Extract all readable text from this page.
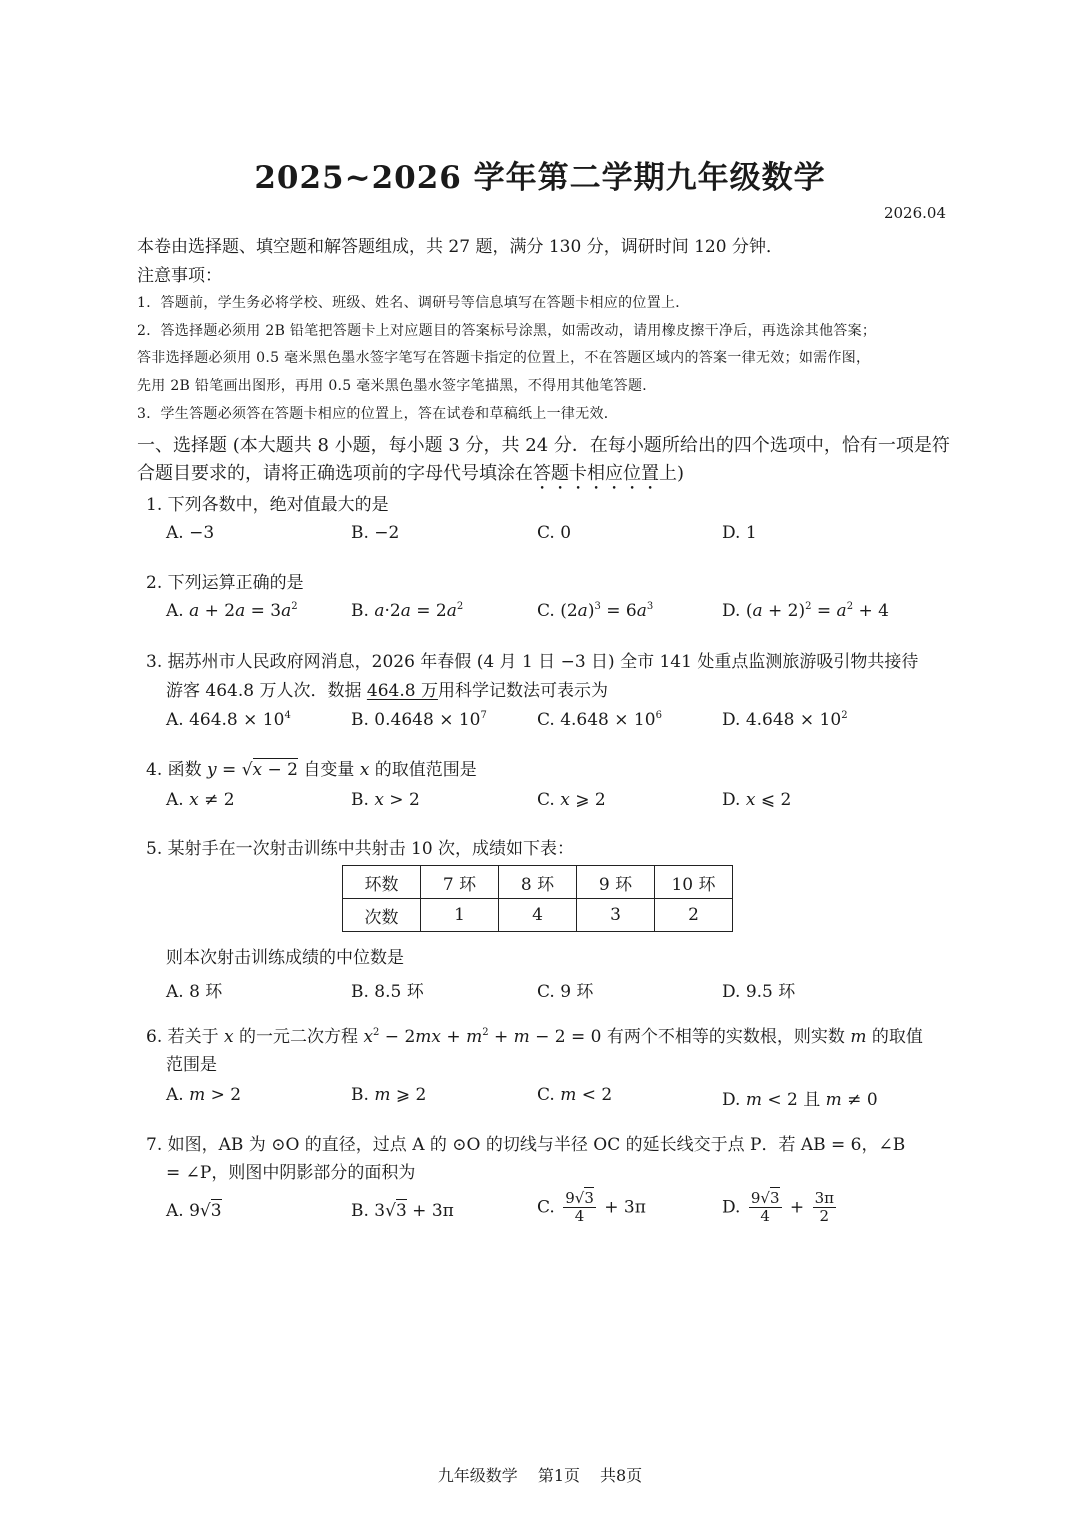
2025~2026 学年第二学期九年级数学
2026.04
本卷由选择题、填空题和解答题组成，共 27 题，满分 130 分，调研时间 120 分钟．
注意事项：
1．答题前，学生务必将学校、班级、姓名、调研号等信息填写在答题卡相应的位置上．
2．答选择题必须用 2B 铅笔把答题卡上对应题目的答案标号涂黑，如需改动，请用橡皮擦干净后，再选涂其他答案；
答非选择题必须用 0.5 毫米黑色墨水签字笔写在答题卡指定的位置上，不在答题区域内的答案一律无效；如需作图，
先用 2B 铅笔画出图形，再用 0.5 毫米黑色墨水签字笔描黑，不得用其他笔答题．
3．学生答题必须答在答题卡相应的位置上，答在试卷和草稿纸上一律无效．
一、选择题 (本大题共 8 小题，每小题 3 分，共 24 分．在每小题所给出的四个选项中，恰有一项是符
合题目要求的，请将正确选项前的字母代号填涂在答题卡相应位置上)
1. 下列各数中，绝对值最大的是
A. −3	B. −2	C. 0	D. 1
2. 下列运算正确的是
A. $a + 2a = 3a^2$	B. $a\cdot 2a = 2a^2$	C. $(2a)^3 = 6a^3$	D. $(a + 2)^2 = a^2 + 4$
3. 据苏州市人民政府网消息，2026 年春假 (4 月 1 日 −3 日) 全市 141 处重点监测旅游吸引物共接待
游客 464.8 万人次．数据 464.8 万用科学记数法可表示为
A. $464.8 \times 10^4$	B. $0.4648 \times 10^7$	C. $4.648 \times 10^6$	D. $4.648 \times 10^2$
4. 函数 y = √x − 2 自变量 x 的取值范围是
A. x ≠ 2	B. x > 2	C. x ⩾ 2	D. x ⩽ 2
5. 某射手在一次射击训练中共射击 10 次，成绩如下表：
环数	7 环	8 环	9 环	10 环
次数	1	4	3	2
则本次射击训练成绩的中位数是
A. 8 环	B. 8.5 环	C. 9 环	D. 9.5 环
6. 若关于 x 的一元二次方程 $x^2 - 2mx + m^2 + m - 2 = 0$ 有两个不相等的实数根，则实数 m 的取值
范围是
A. m > 2	B. m ⩾ 2	C. m < 2	D. m < 2 且 m ≠ 0
7. 如图，AB 为 ⊙O 的直径，过点 A 的 ⊙O 的切线与半径 OC 的延长线交于点 P．若 AB = 6，∠B
= ∠P，则图中阴影部分的面积为
A. 9√3	B. 3√3 + 3π	C. $\frac{9√3}{4} + 3\pi$	D. $\frac{9√3}{4} + \frac{3\pi}{2}$
九年级数学 第1页 共8页
